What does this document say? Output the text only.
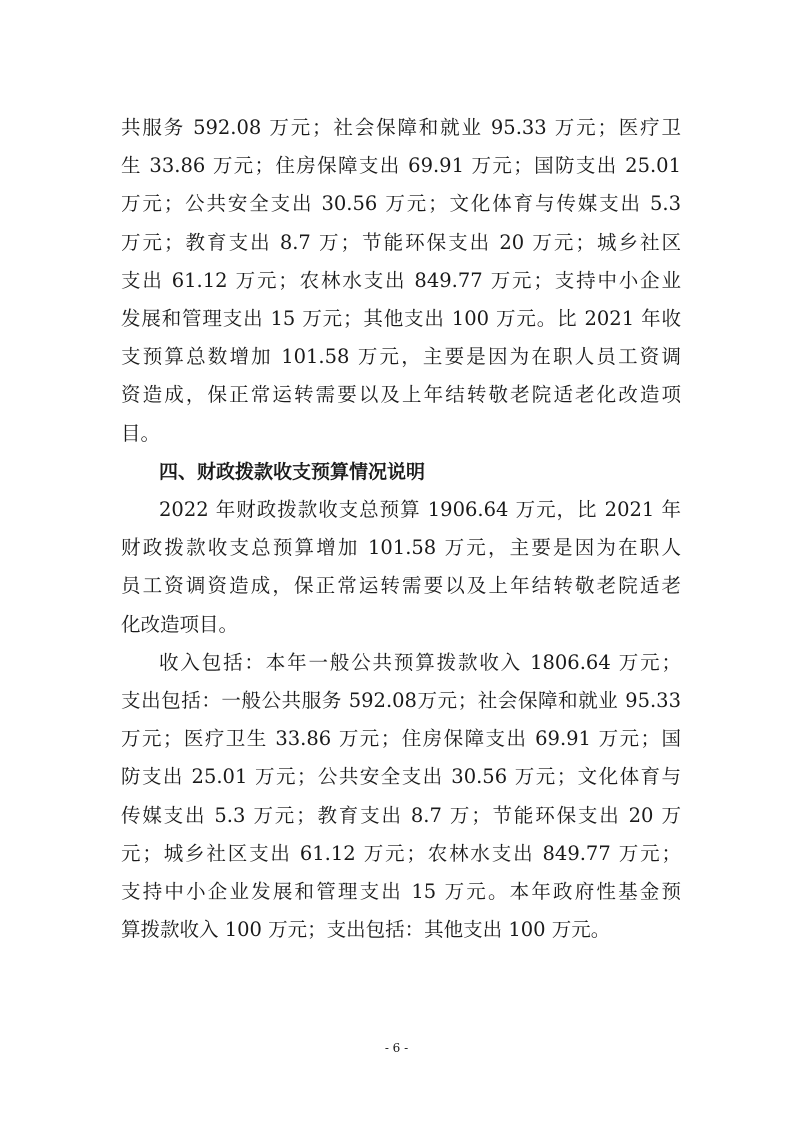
共服务 592.08 万元；社会保障和就业 95.33 万元；医疗卫
生 33.86 万元；住房保障支出 69.91 万元；国防支出 25.01
万元；公共安全支出 30.56 万元；文化体育与传媒支出 5.3
万元；教育支出 8.7 万；节能环保支出 20 万元；城乡社区
支出 61.12 万元；农林水支出 849.77 万元；支持中小企业
发展和管理支出 15 万元；其他支出 100 万元。比 2021 年收
支预算总数增加 101.58 万元，主要是因为在职人员工资调
资造成，保正常运转需要以及上年结转敬老院适老化改造项
目。
四、财政拨款收支预算情况说明
2022 年财政拨款收支总预算 1906.64 万元，比 2021 年
财政拨款收支总预算增加 101.58 万元，主要是因为在职人
员工资调资造成，保正常运转需要以及上年结转敬老院适老
化改造项目。
收入包括：本年一般公共预算拨款收入 1806.64 万元；
支出包括：一般公共服务 592.08万元；社会保障和就业 95.33
万元；医疗卫生 33.86 万元；住房保障支出 69.91 万元；国
防支出 25.01 万元；公共安全支出 30.56 万元；文化体育与
传媒支出 5.3 万元；教育支出 8.7 万；节能环保支出 20 万
元；城乡社区支出 61.12 万元；农林水支出 849.77 万元；
支持中小企业发展和管理支出 15 万元。本年政府性基金预
算拨款收入 100 万元；支出包括：其他支出 100 万元。
- 6 -
